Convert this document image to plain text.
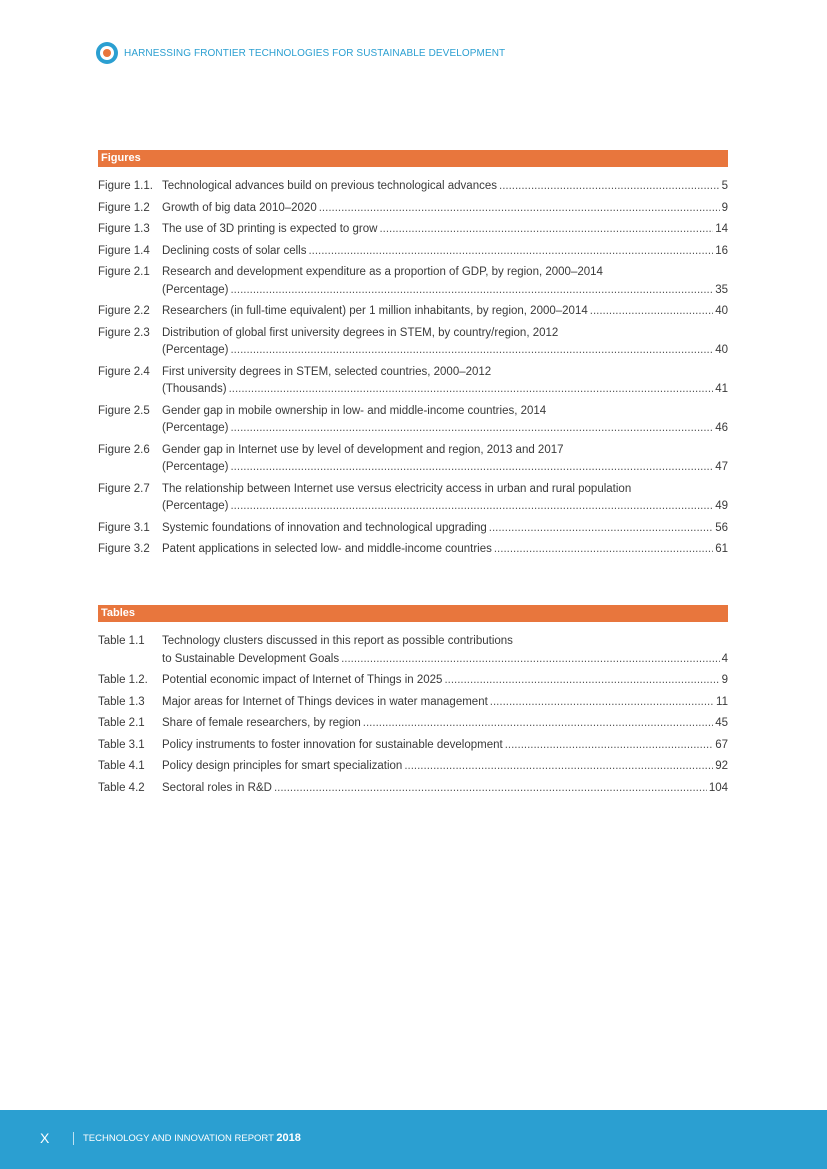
HARNESSING FRONTIER TECHNOLOGIES FOR SUSTAINABLE DEVELOPMENT
Figures
Figure 1.1. Technological advances build on previous technological advances .....	5
Figure 1.2	Growth of big data 2010–2020 .....	9
Figure 1.3	The use of 3D printing is expected to grow .....	14
Figure 1.4	Declining costs of solar cells .....	16
Figure 2.1	Research and development expenditure as a proportion of GDP, by region, 2000–2014
(Percentage) .....	35
Figure 2.2	Researchers (in full-time equivalent) per 1 million inhabitants, by region, 2000–2014 .....	40
Figure 2.3	Distribution of global first university degrees in STEM, by country/region, 2012
(Percentage) .....	40
Figure 2.4	First university degrees in STEM, selected countries, 2000–2012
(Thousands) .....	41
Figure 2.5	Gender gap in mobile ownership in low- and middle-income countries, 2014
(Percentage) .....	46
Figure 2.6	Gender gap in Internet use by level of development and region, 2013 and 2017
(Percentage) .....	47
Figure 2.7	The relationship between Internet use versus electricity access in urban and rural population
(Percentage) .....	49
Figure 3.1	Systemic foundations of innovation and technological upgrading .....	56
Figure 3.2	Patent applications in selected low- and middle-income countries .....	61
Tables
Table 1.1	Technology clusters discussed in this report as possible contributions
to Sustainable Development Goals .....	4
Table 1.2.	Potential economic impact of Internet of Things in 2025 .....	9
Table 1.3	Major areas for Internet of Things devices in water management .....	11
Table 2.1	Share of female researchers, by region .....	45
Table 3.1	Policy instruments to foster innovation for sustainable development .....	67
Table 4.1	Policy design principles for smart specialization .....	92
Table 4.2	Sectoral roles in R&D .....	104
X	TECHNOLOGY AND INNOVATION REPORT 2018
